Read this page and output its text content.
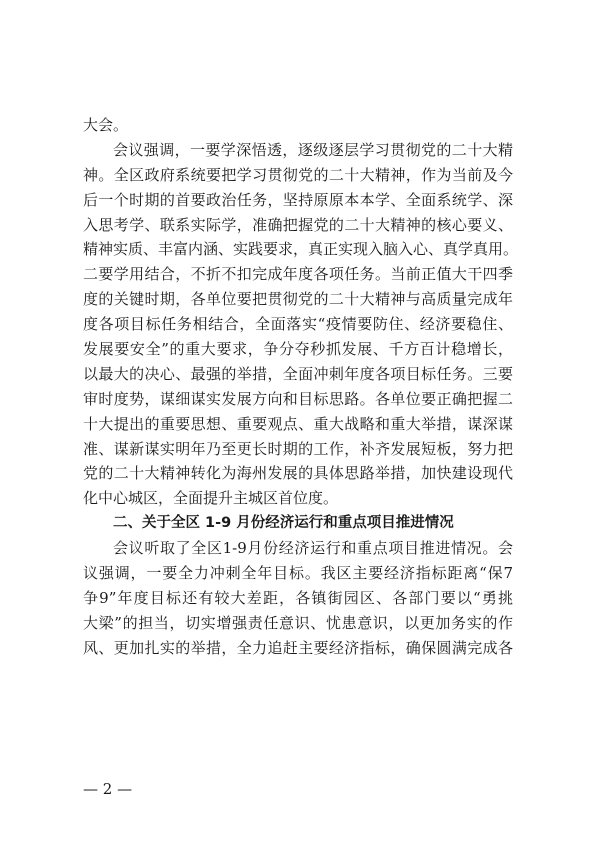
大会。
会议强调，一要学深悟透，逐级逐层学习贯彻党的二十大精
神。全区政府系统要把学习贯彻党的二十大精神，作为当前及今
后一个时期的首要政治任务，坚持原原本本学、全面系统学、深
入思考学、联系实际学，准确把握党的二十大精神的核心要义、
精神实质、丰富内涵、实践要求，真正实现入脑入心、真学真用。
二要学用结合，不折不扣完成年度各项任务。当前正值大干四季
度的关键时期，各单位要把贯彻党的二十大精神与高质量完成年
度各项目标任务相结合，全面落实“疫情要防住、经济要稳住、
发展要安全”的重大要求，争分夺秒抓发展、千方百计稳增长，
以最大的决心、最强的举措，全面冲刺年度各项目标任务。三要
审时度势，谋细谋实发展方向和目标思路。各单位要正确把握二
十大提出的重要思想、重要观点、重大战略和重大举措，谋深谋
准、谋新谋实明年乃至更长时期的工作，补齐发展短板，努力把
党的二十大精神转化为海州发展的具体思路举措，加快建设现代
化中心城区，全面提升主城区首位度。
二、关于全区 1-9 月份经济运行和重点项目推进情况
会议听取了全区1-9月份经济运行和重点项目推进情况。会
议强调，一要全力冲刺全年目标。我区主要经济指标距离“保7
争9”年度目标还有较大差距，各镇街园区、各部门要以“勇挑
大梁”的担当，切实增强责任意识、忧患意识，以更加务实的作
风、更加扎实的举措，全力追赶主要经济指标，确保圆满完成各
— 2 —
